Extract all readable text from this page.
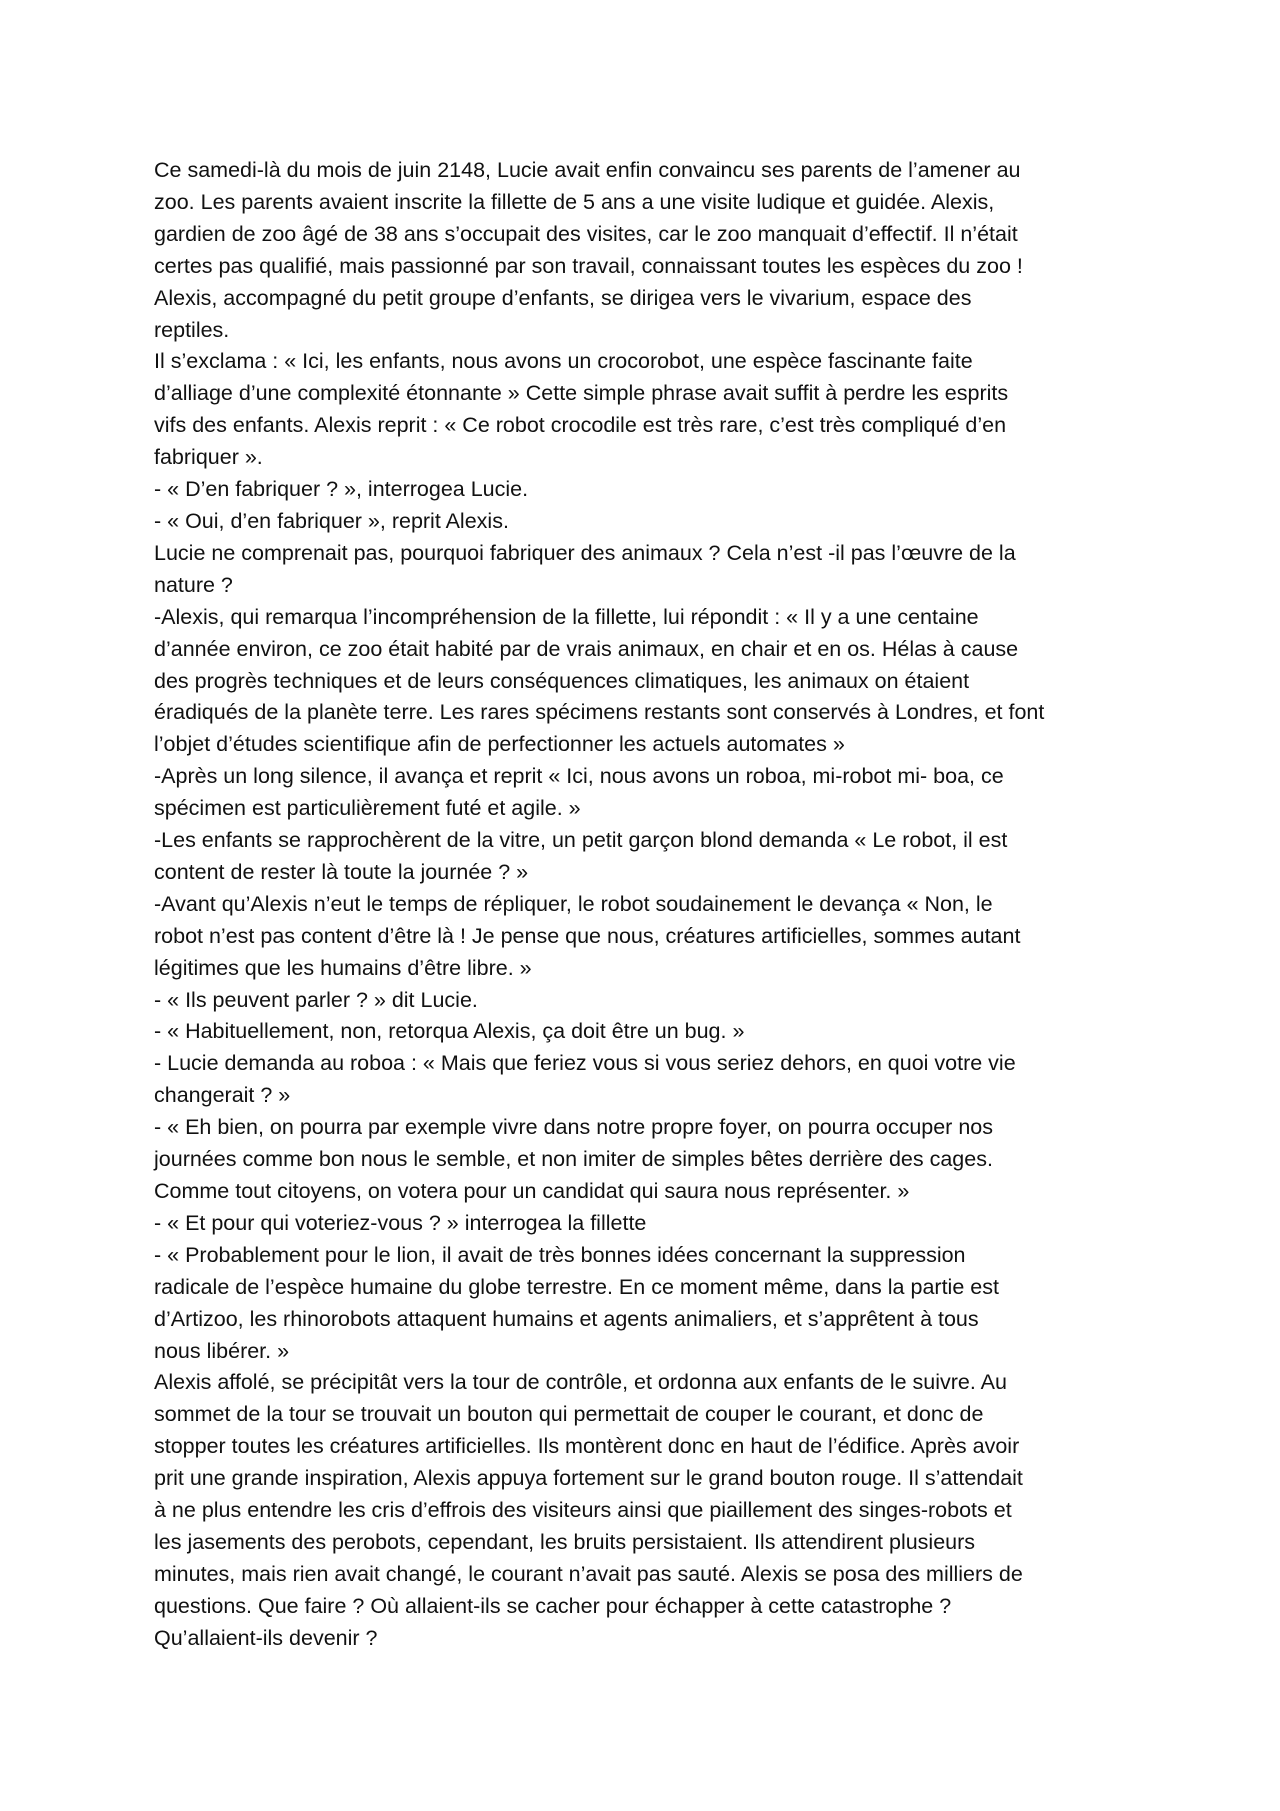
Ce samedi-là du mois de juin 2148, Lucie avait enfin convaincu ses parents de l’amener au
zoo. Les parents avaient inscrite la fillette de 5 ans a une visite ludique et guidée. Alexis,
gardien de zoo âgé de 38 ans s’occupait des visites, car le zoo manquait d’effectif. Il n’était
certes pas qualifié, mais passionné par son travail, connaissant toutes les espèces du zoo !
Alexis, accompagné du petit groupe d’enfants, se dirigea vers le vivarium, espace des
reptiles.
Il s’exclama : « Ici, les enfants, nous avons un crocorobot, une espèce fascinante faite
d’alliage d’une complexité étonnante » Cette simple phrase avait suffit à perdre les esprits
vifs des enfants. Alexis reprit : « Ce robot crocodile est très rare, c’est très compliqué d’en
fabriquer ».
- « D’en fabriquer ? », interrogea Lucie.
- « Oui, d’en fabriquer », reprit Alexis.
Lucie ne comprenait pas, pourquoi fabriquer des animaux ? Cela n’est -il pas l’œuvre de la
nature ?
-Alexis, qui remarqua l’incompréhension de la fillette, lui répondit : « Il y a une centaine
d’année environ, ce zoo était habité par de vrais animaux, en chair et en os. Hélas à cause
des progrès techniques et de leurs conséquences climatiques, les animaux on étaient
éradiqués de la planète terre. Les rares spécimens restants sont conservés à Londres, et font
l’objet d’études scientifique afin de perfectionner les actuels automates »
-Après un long silence, il avança et reprit « Ici, nous avons un roboa, mi-robot mi- boa, ce
spécimen est particulièrement futé et agile. »
-Les enfants se rapprochèrent de la vitre, un petit garçon blond demanda « Le robot, il est
content de rester là toute la journée ? »
-Avant qu’Alexis n’eut le temps de répliquer, le robot soudainement le devança « Non, le
robot n’est pas content d’être là ! Je pense que nous, créatures artificielles, sommes autant
légitimes que les humains d’être libre. »
- « Ils peuvent parler ? » dit Lucie.
- « Habituellement, non, retorqua Alexis, ça doit être un bug. »
- Lucie demanda au roboa : « Mais que feriez vous si vous seriez dehors, en quoi votre vie
changerait ? »
- « Eh bien, on pourra par exemple vivre dans notre propre foyer, on pourra occuper nos
journées comme bon nous le semble, et non imiter de simples bêtes derrière des cages.
Comme tout citoyens, on votera pour un candidat qui saura nous représenter. »
- « Et pour qui voteriez-vous ? » interrogea la fillette
- « Probablement pour le lion, il avait de très bonnes idées concernant la suppression
radicale de l’espèce humaine du globe terrestre. En ce moment même, dans la partie est
d’Artizoo, les rhinorobots attaquent humains et agents animaliers, et s’apprêtent à tous
nous libérer. »
Alexis affolé, se précipitât vers la tour de contrôle, et ordonna aux enfants de le suivre. Au
sommet de la tour se trouvait un bouton qui permettait de couper le courant, et donc de
stopper toutes les créatures artificielles. Ils montèrent donc en haut de l’édifice. Après avoir
prit une grande inspiration, Alexis appuya fortement sur le grand bouton rouge. Il s’attendait
à ne plus entendre les cris d’effrois des visiteurs ainsi que piaillement des singes-robots et
les jasements des perobots, cependant, les bruits persistaient. Ils attendirent plusieurs
minutes, mais rien avait changé, le courant n’avait pas sauté. Alexis se posa des milliers de
questions. Que faire ? Où allaient-ils se cacher pour échapper à cette catastrophe ?
Qu’allaient-ils devenir ?
